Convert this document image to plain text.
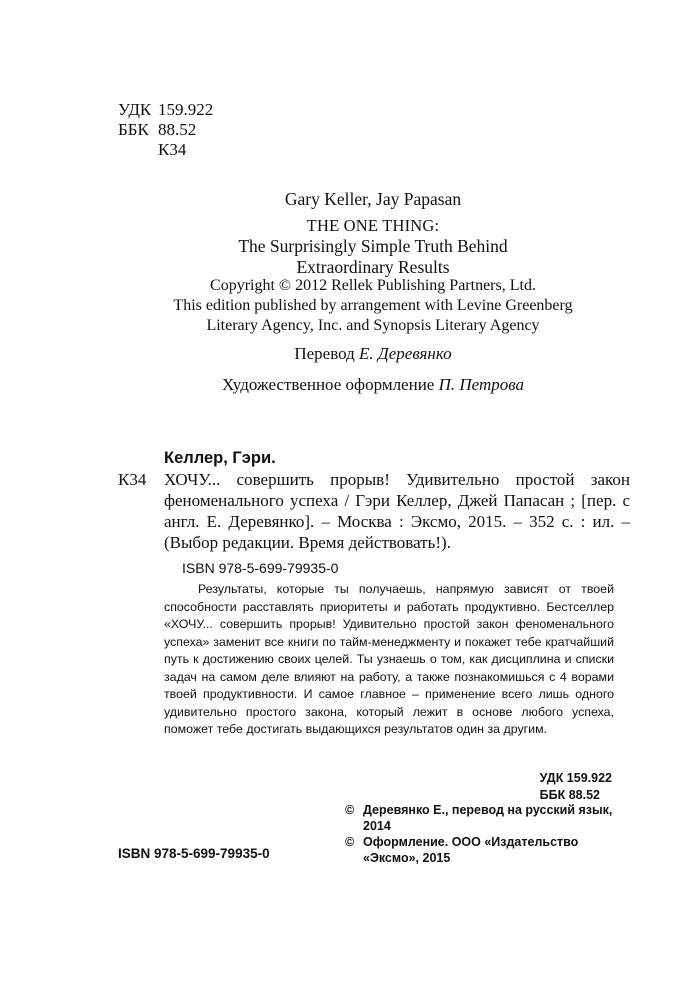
УДК 159.922
ББК 88.52
К34
Gary Keller, Jay Papasan
THE ONE THING:
The Surprisingly Simple Truth Behind
Extraordinary Results
Copyright © 2012 Rellek Publishing Partners, Ltd.
This edition published by arrangement with Levine Greenberg
Literary Agency, Inc. and Synopsis Literary Agency
Перевод Е. Деревянко
Художественное оформление П. Петрова
Келлер, Гэри.
К34 ХОЧУ... совершить прорыв! Удивительно простой закон феноменального успеха / Гэри Келлер, Джей Папасан ; [пер. с англ. Е. Деревянко]. – Москва : Эксмо, 2015. – 352 с. : ил. – (Выбор редакции. Время действовать!).
ISBN 978-5-699-79935-0
Результаты, которые ты получаешь, напрямую зависят от твоей способности расставлять приоритеты и работать продуктивно. Бестселлер «ХОЧУ... совершить прорыв! Удивительно простой закон феноменального успеха» заменит все книги по тайм-менеджменту и покажет тебе кратчайший путь к достижению своих целей. Ты узнаешь о том, как дисциплина и списки задач на самом деле влияют на работу, а также познакомишься с 4 ворами твоей продуктивности. И самое главное – применение всего лишь одного удивительно простого закона, который лежит в основе любого успеха, поможет тебе достигать выдающихся результатов один за другим.
УДК 159.922
ББК 88.52
© Деревянко Е., перевод на русский язык, 2014
© Оформление. ООО «Издательство «Эксмо», 2015
ISBN 978-5-699-79935-0
